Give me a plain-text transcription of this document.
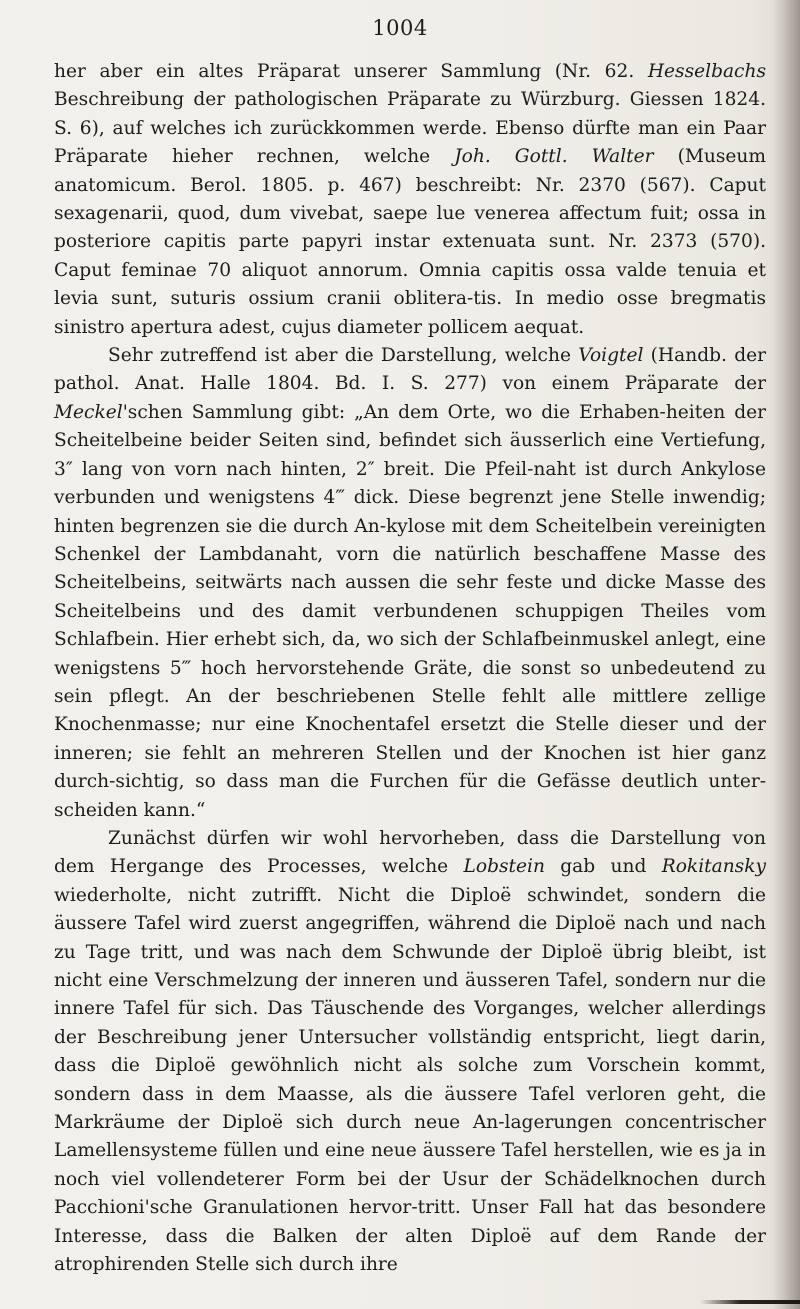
1004

her aber ein altes Präparat unserer Sammlung (Nr. 62. Hesselbachs Beschreibung der pathologischen Präparate zu Würzburg. Giessen 1824. S. 6), auf welches ich zurückkommen werde. Ebenso dürfte man ein Paar Präparate hieher rechnen, welche Joh. Gottl. Walter (Museum anatomicum. Berol. 1805. p. 467) beschreibt: Nr. 2370 (567). Caput sexagenarii, quod, dum vivebat, saepe lue venerea affectum fuit; ossa in posteriore capitis parte papyri instar extenuata sunt. Nr. 2373 (570). Caput feminae 70 aliquot annorum. Omnia capitis ossa valde tenuia et levia sunt, suturis ossium cranii oblitera-tis. In medio osse bregmatis sinistro apertura adest, cujus diameter pollicem aequat.

Sehr zutreffend ist aber die Darstellung, welche Voigtel (Handb. der pathol. Anat. Halle 1804. Bd. I. S. 277) von einem Präparate der Meckel'schen Sammlung gibt: „An dem Orte, wo die Erhaben-heiten der Scheitelbeine beider Seiten sind, befindet sich äusserlich eine Vertiefung, 3″ lang von vorn nach hinten, 2″ breit. Die Pfeil-naht ist durch Ankylose verbunden und wenigstens 4‴ dick. Diese begrenzt jene Stelle inwendig; hinten begrenzen sie die durch An-kylose mit dem Scheitelbein vereinigten Schenkel der Lambdanaht, vorn die natürlich beschaffene Masse des Scheitelbeins, seitwärts nach aussen die sehr feste und dicke Masse des Scheitelbeins und des damit verbundenen schuppigen Theiles vom Schlafbein. Hier erhebt sich, da, wo sich der Schlafbeinmuskel anlegt, eine wenigstens 5‴ hoch hervorstehende Gräte, die sonst so unbedeutend zu sein pflegt. An der beschriebenen Stelle fehlt alle mittlere zellige Knochenmasse; nur eine Knochentafel ersetzt die Stelle dieser und der inneren; sie fehlt an mehreren Stellen und der Knochen ist hier ganz durch-sichtig, so dass man die Furchen für die Gefässe deutlich unter-scheiden kann.“

Zunächst dürfen wir wohl hervorheben, dass die Darstellung von dem Hergange des Processes, welche Lobstein gab und Rokitansky wiederholte, nicht zutrifft. Nicht die Diploë schwindet, sondern die äussere Tafel wird zuerst angegriffen, während die Diploë nach und nach zu Tage tritt, und was nach dem Schwunde der Diploë übrig bleibt, ist nicht eine Verschmelzung der inneren und äusseren Tafel, sondern nur die innere Tafel für sich. Das Täuschende des Vorganges, welcher allerdings der Beschreibung jener Untersucher vollständig entspricht, liegt darin, dass die Diploë gewöhnlich nicht als solche zum Vorschein kommt, sondern dass in dem Maasse, als die äussere Tafel verloren geht, die Markräume der Diploë sich durch neue An-lagerungen concentrischer Lamellensysteme füllen und eine neue äussere Tafel herstellen, wie es ja in noch viel vollendeterer Form bei der Usur der Schädelknochen durch Pacchioni'sche Granulationen hervor-tritt. Unser Fall hat das besondere Interesse, dass die Balken der alten Diploë auf dem Rande der atrophirenden Stelle sich durch ihre
